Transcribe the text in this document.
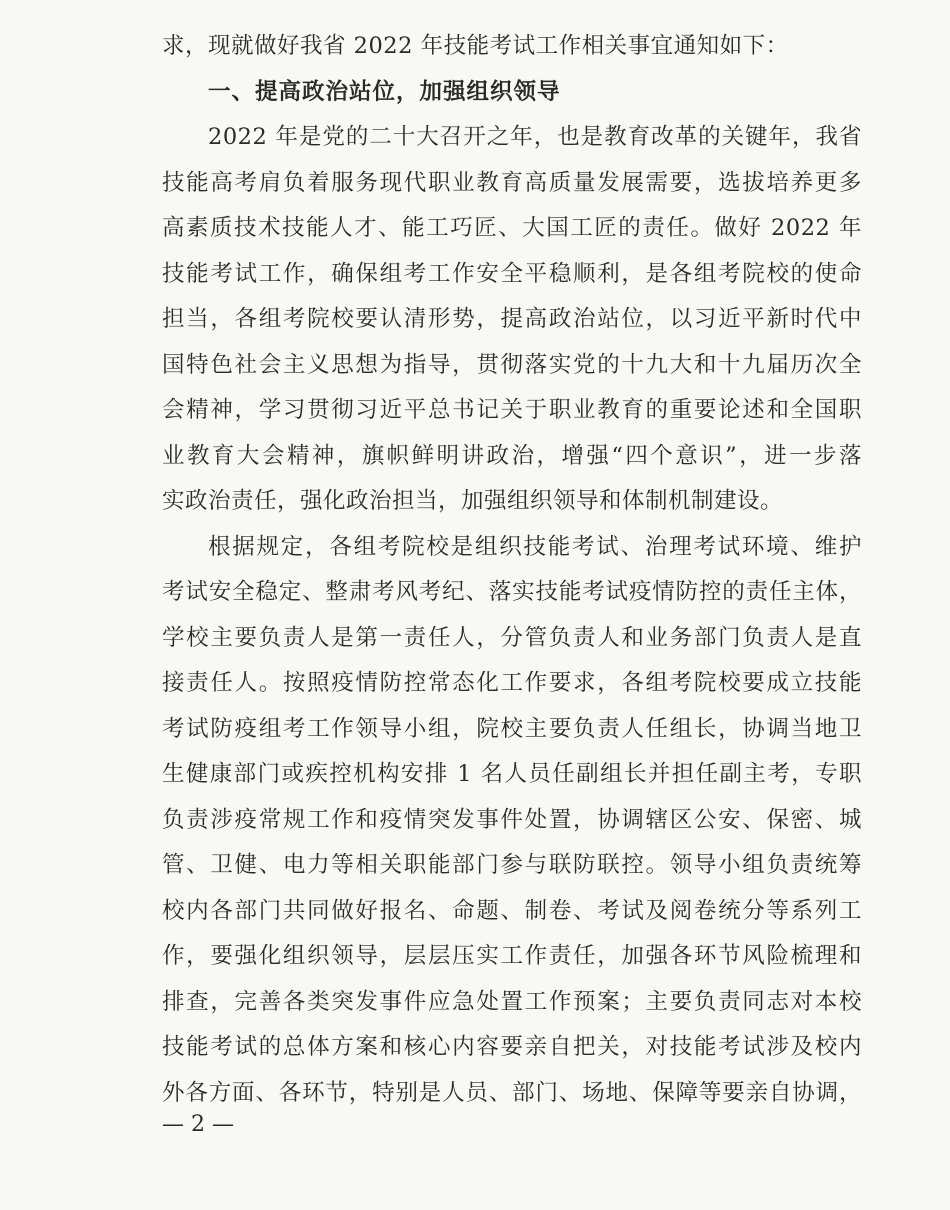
求，现就做好我省 2022 年技能考试工作相关事宜通知如下：
一、提高政治站位，加强组织领导
2022 年是党的二十大召开之年，也是教育改革的关键年，我省
技能高考肩负着服务现代职业教育高质量发展需要，选拔培养更多
高素质技术技能人才、能工巧匠、大国工匠的责任。做好 2022 年
技能考试工作，确保组考工作安全平稳顺利，是各组考院校的使命
担当，各组考院校要认清形势，提高政治站位，以习近平新时代中
国特色社会主义思想为指导，贯彻落实党的十九大和十九届历次全
会精神，学习贯彻习近平总书记关于职业教育的重要论述和全国职
业教育大会精神，旗帜鲜明讲政治，增强“四个意识”，进一步落
实政治责任，强化政治担当，加强组织领导和体制机制建设。
根据规定，各组考院校是组织技能考试、治理考试环境、维护
考试安全稳定、整肃考风考纪、落实技能考试疫情防控的责任主体，
学校主要负责人是第一责任人，分管负责人和业务部门负责人是直
接责任人。按照疫情防控常态化工作要求，各组考院校要成立技能
考试防疫组考工作领导小组，院校主要负责人任组长，协调当地卫
生健康部门或疾控机构安排 1 名人员任副组长并担任副主考，专职
负责涉疫常规工作和疫情突发事件处置，协调辖区公安、保密、城
管、卫健、电力等相关职能部门参与联防联控。领导小组负责统筹
校内各部门共同做好报名、命题、制卷、考试及阅卷统分等系列工
作，要强化组织领导，层层压实工作责任，加强各环节风险梳理和
排查，完善各类突发事件应急处置工作预案；主要负责同志对本校
技能考试的总体方案和核心内容要亲自把关，对技能考试涉及校内
外各方面、各环节，特别是人员、部门、场地、保障等要亲自协调，
— 2 —
